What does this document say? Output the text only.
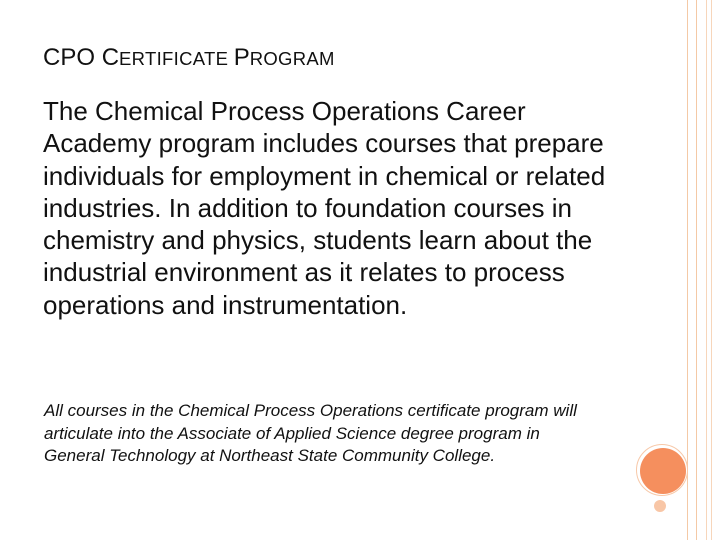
CPO CERTIFICATE PROGRAM

The Chemical Process Operations Career Academy program includes courses that prepare individuals for employment in chemical or related industries. In addition to foundation courses in chemistry and physics, students learn about the industrial environment as it relates to process operations and instrumentation.

All courses in the Chemical Process Operations certificate program will articulate into the Associate of Applied Science degree program in General Technology at Northeast State Community College.
